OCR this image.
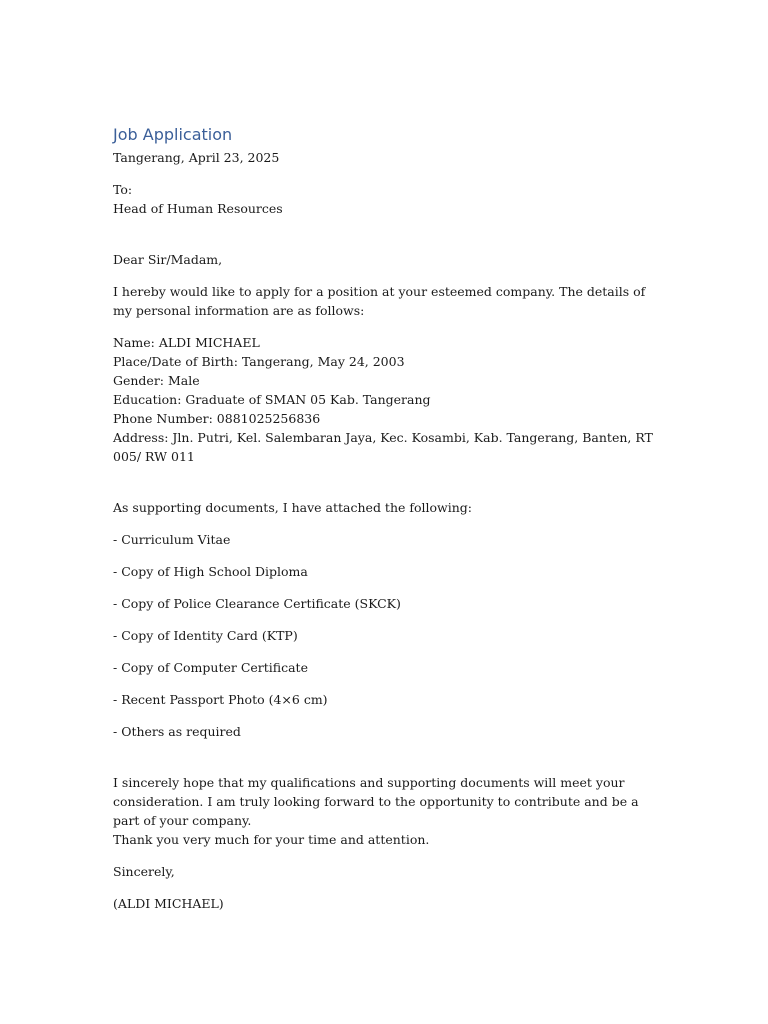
Job Application

Tangerang, April 23, 2025

To:

Head of Human Resources

Dear Sir/Madam,

I hereby would like to apply for a position at your esteemed company. The details of my personal information are as follows:

Name: ALDI MICHAEL

Place/Date of Birth: Tangerang, May 24, 2003

Gender: Male

Education: Graduate of SMAN 05 Kab. Tangerang

Phone Number: 0881025256836

Address: Jln. Putri, Kel. Salembaran Jaya, Kec. Kosambi, Kab. Tangerang, Banten, RT 005/ RW 011

As supporting documents, I have attached the following:

- Curriculum Vitae

- Copy of High School Diploma

- Copy of Police Clearance Certificate (SKCK)

- Copy of Identity Card (KTP)

- Copy of Computer Certificate

- Recent Passport Photo (4×6 cm)

- Others as required

I sincerely hope that my qualifications and supporting documents will meet your consideration. I am truly looking forward to the opportunity to contribute and be a part of your company.

Thank you very much for your time and attention.

Sincerely,

(ALDI MICHAEL)
